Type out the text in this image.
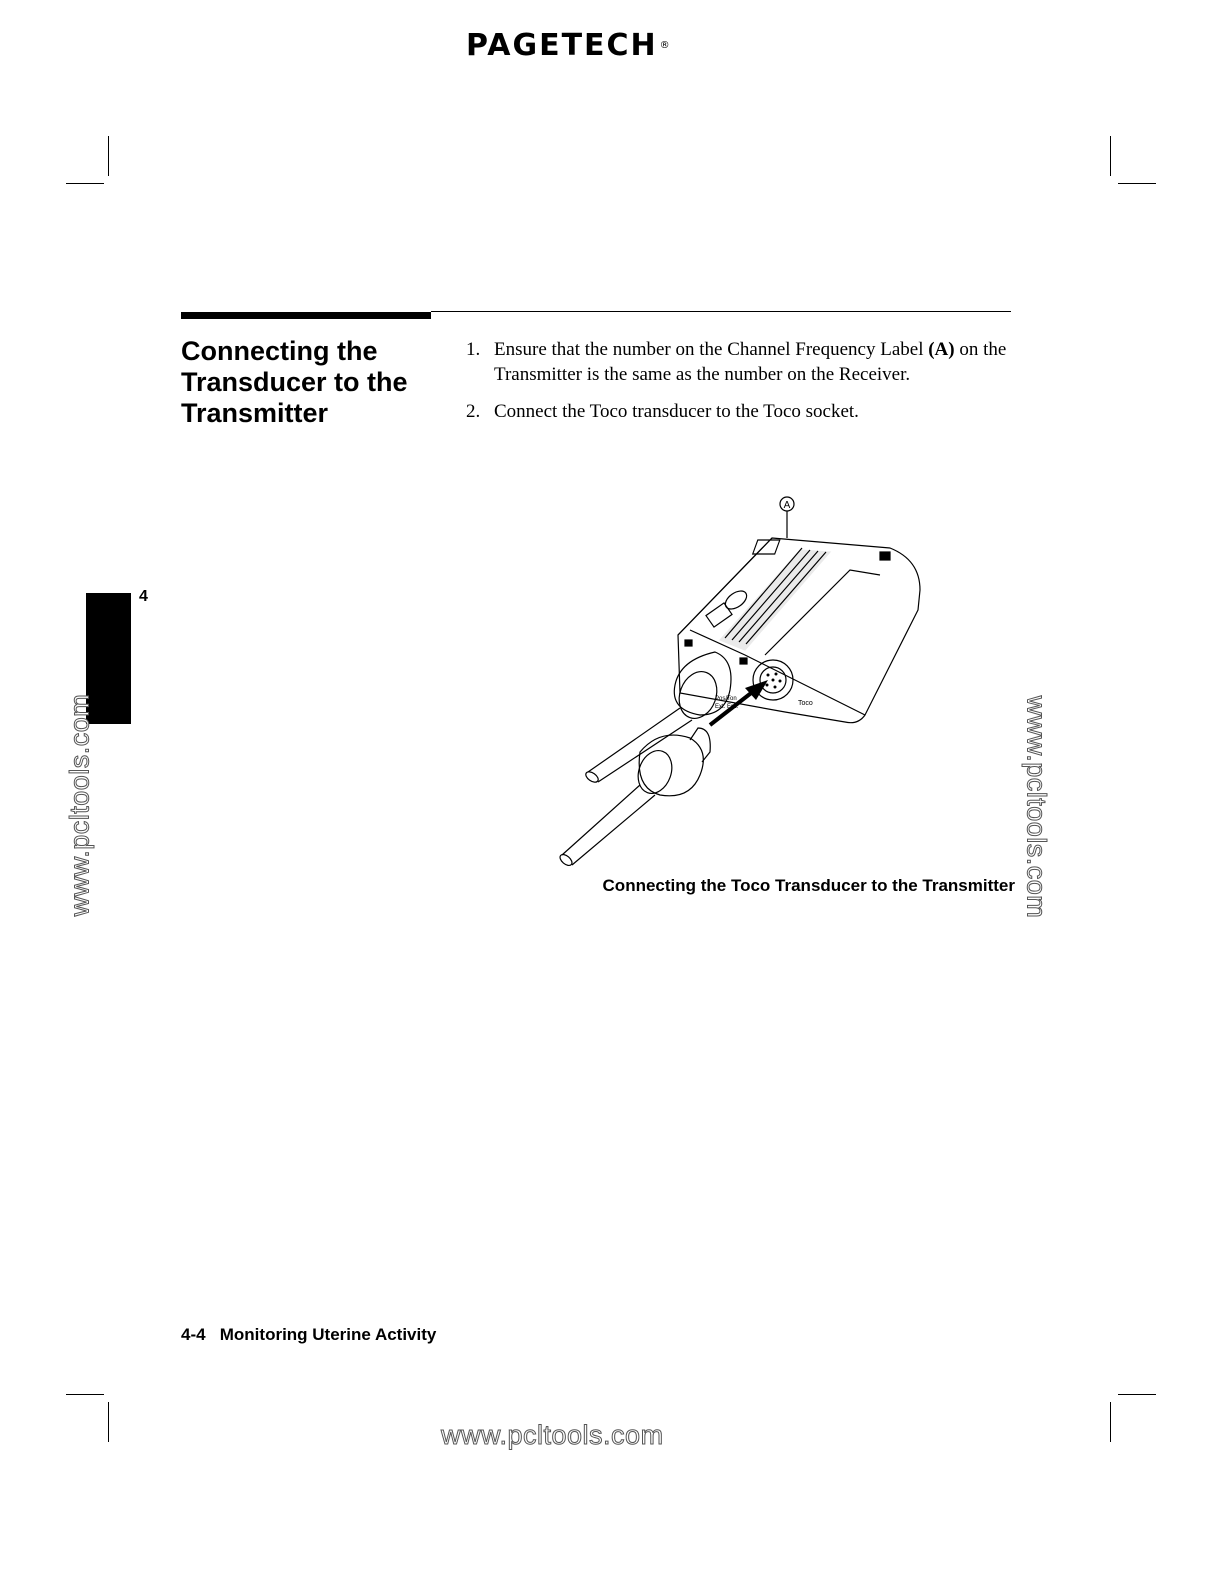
PAGETECH ®
Connecting the
Transducer to the
Transmitter
1. Ensure that the number on the Channel Frequency Label (A) on the Transmitter is the same as the number on the Receiver.
2. Connect the Toco transducer to the Toco socket.
A
Toco
Pos/Ton
Ext. Env.
Connecting the Toco Transducer to the Transmitter
4
www.pcltools.com	www.pcltools.com
www.pcltools.com
4-4 Monitoring Uterine Activity
